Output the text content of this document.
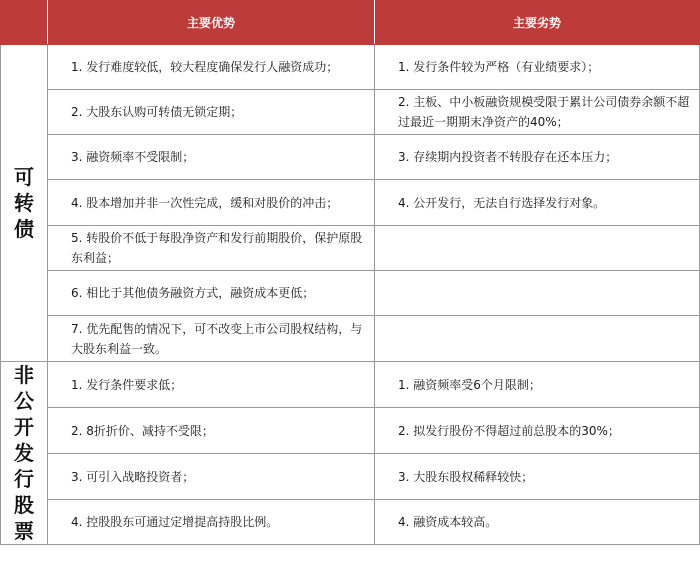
	主要优势	主要劣势
可转债	1. 发行难度较低，较大程度确保发行人融资成功；	1. 发行条件较为严格（有业绩要求）；
	2. 大股东认购可转债无锁定期；	2. 主板、中小板融资规模受限于累计公司债券余额不超过最近一期期末净资产的40%；
	3. 融资频率不受限制；	3. 存续期内投资者不转股存在还本压力；
	4. 股本增加并非一次性完成，缓和对股价的冲击；	4. 公开发行，无法自行选择发行对象。
	5. 转股价不低于每股净资产和发行前期股价，保护原股东利益；	
	6. 相比于其他债务融资方式，融资成本更低；	
	7. 优先配售的情况下，可不改变上市公司股权结构，与大股东利益一致。	
非公开发行股票	1. 发行条件要求低；	1. 融资频率受6个月限制；
	2. 8折折价、减持不受限；	2. 拟发行股份不得超过前总股本的30%；
	3. 可引入战略投资者；	3. 大股东股权稀释较快；
	4. 控股股东可通过定增提高持股比例。	4. 融资成本较高。
